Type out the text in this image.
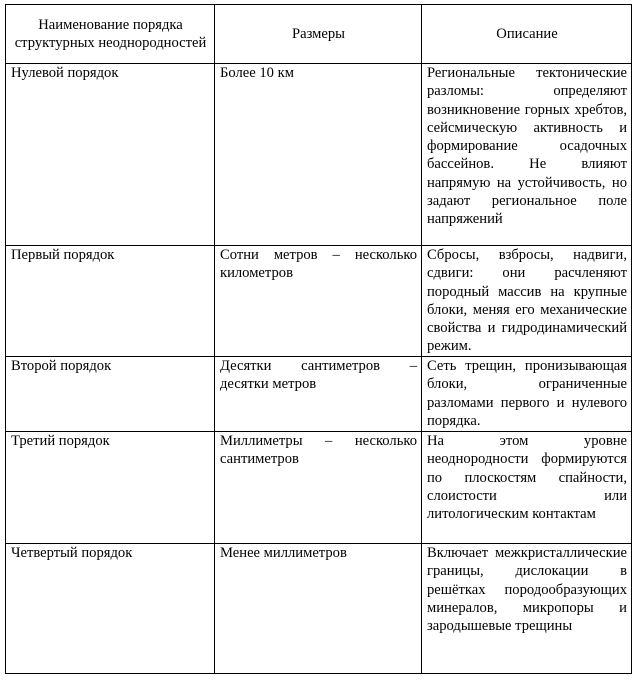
Наименование порядка структурных неоднородностей	Размеры	Описание
Нулевой порядок	Более 10 км	Региональные тектонические разломы: определяют возникновение горных хребтов, сейсмическую активность и формирование осадочных бассейнов. Не влияют напрямую на устойчивость, но задают региональное поле напряжений
Первый порядок	Сотни метров – несколько километров	Сбросы, взбросы, надвиги, сдвиги: они расчленяют породный массив на крупные блоки, меняя его механические свойства и гидродинамический режим.
Второй порядок	Десятки сантиметров – десятки метров	Сеть трещин, пронизывающая блоки, ограниченные разломами первого и нулевого порядка.
Третий порядок	Миллиметры – несколько сантиметров	На этом уровне неоднородности формируются по плоскостям спайности, слоистости или литологическим контактам
Четвертый порядок	Менее миллиметров	Включает межкристаллические границы, дислокации в решётках породообразующих минералов, микропоры и зародышевые трещины
